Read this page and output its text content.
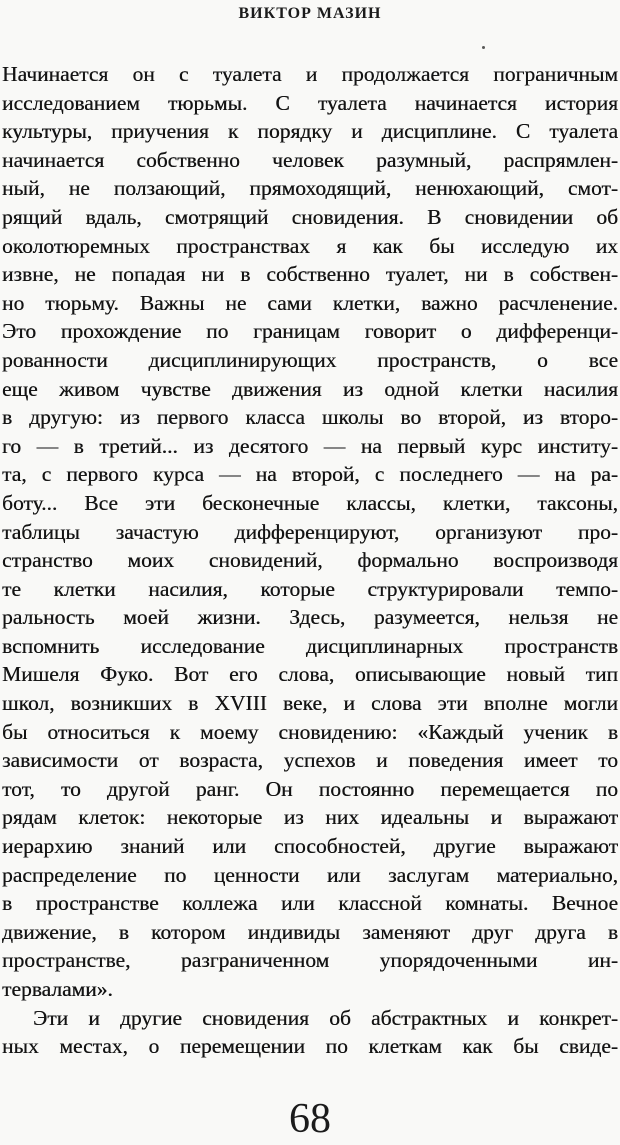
ВИКТОР МАЗИН
Начинается он с туалета и продолжается пограничным
исследованием тюрьмы. С туалета начинается история
культуры, приучения к порядку и дисциплине. С туалета
начинается собственно человек разумный, распрямлен-
ный, не ползающий, прямоходящий, ненюхающий, смот-
рящий вдаль, смотрящий сновидения. В сновидении об
околотюремных пространствах я как бы исследую их
извне, не попадая ни в собственно туалет, ни в собствен-
но тюрьму. Важны не сами клетки, важно расчленение.
Это прохождение по границам говорит о дифференци-
рованности дисциплинирующих пространств, о все
еще живом чувстве движения из одной клетки насилия
в другую: из первого класса школы во второй, из второ-
го — в третий... из десятого — на первый курс институ-
та, с первого курса — на второй, с последнего — на ра-
боту... Все эти бесконечные классы, клетки, таксоны,
таблицы зачастую дифференцируют, организуют про-
странство моих сновидений, формально воспроизводя
те клетки насилия, которые структурировали темпо-
ральность моей жизни. Здесь, разумеется, нельзя не
вспомнить исследование дисциплинарных пространств
Мишеля Фуко. Вот его слова, описывающие новый тип
школ, возникших в XVIII веке, и слова эти вполне могли
бы относиться к моему сновидению: «Каждый ученик в
зависимости от возраста, успехов и поведения имеет то
тот, то другой ранг. Он постоянно перемещается по
рядам клеток: некоторые из них идеальны и выражают
иерархию знаний или способностей, другие выражают
распределение по ценности или заслугам материально,
в пространстве коллежа или классной комнаты. Вечное
движение, в котором индивиды заменяют друг друга в
пространстве, разграниченном упорядоченными ин-
тервалами».
Эти и другие сновидения об абстрактных и конкрет-
ных местах, о перемещении по клеткам как бы свиде-
68
